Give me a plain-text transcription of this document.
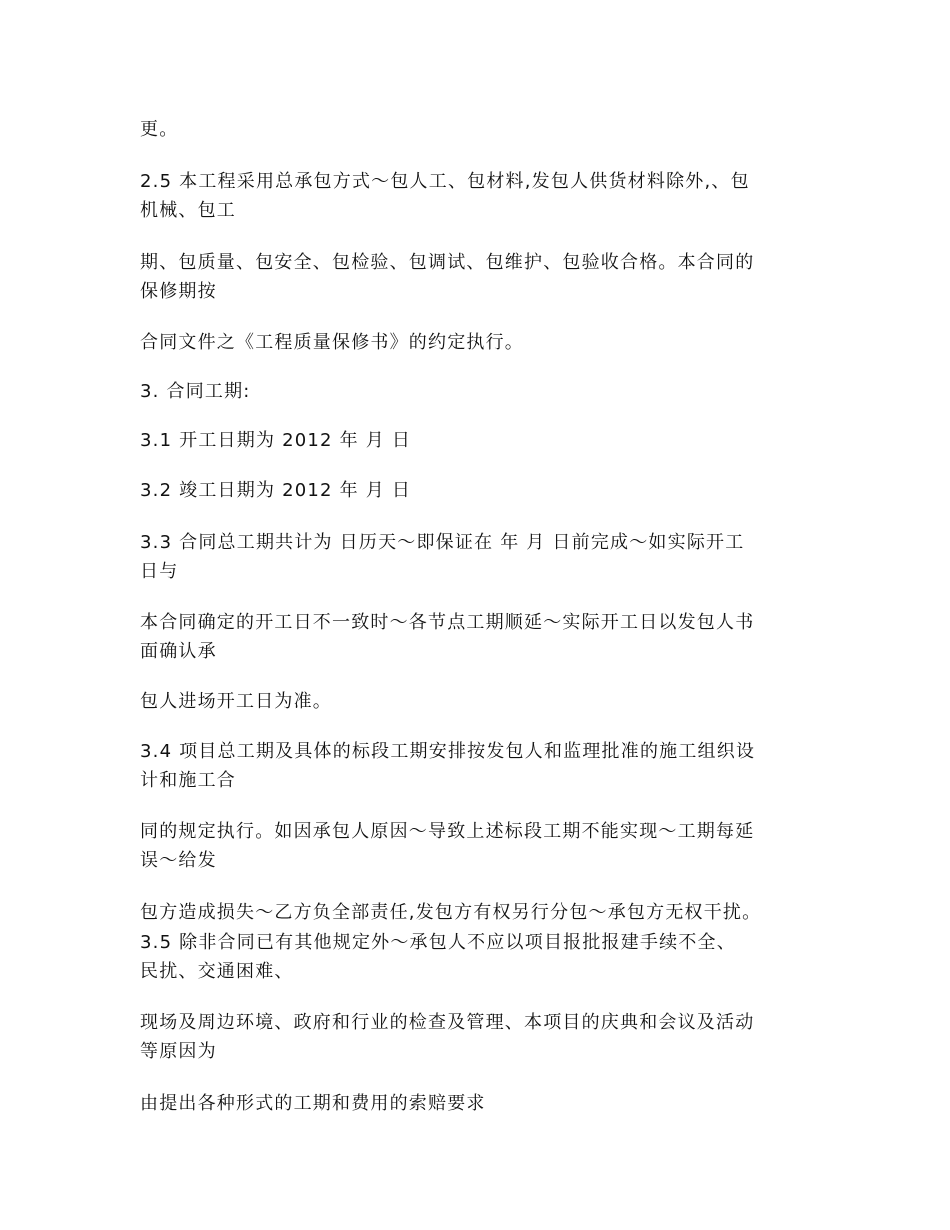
更。

2.5 本工程采用总承包方式～包人工、包材料,发包人供货材料除外,、包

机械、包工

期、包质量、包安全、包检验、包调试、包维护、包验收合格。本合同的

保修期按

合同文件之《工程质量保修书》的约定执行。

3. 合同工期:

3.1 开工日期为 2012 年 月 日

3.2 竣工日期为 2012 年 月 日

3.3 合同总工期共计为 日历天～即保证在 年 月 日前完成～如实际开工

日与

本合同确定的开工日不一致时～各节点工期顺延～实际开工日以发包人书

面确认承

包人进场开工日为准。

3.4 项目总工期及具体的标段工期安排按发包人和监理批准的施工组织设

计和施工合

同的规定执行。如因承包人原因～导致上述标段工期不能实现～工期每延

误～给发

包方造成损失～乙方负全部责任,发包方有权另行分包～承包方无权干扰。

3.5 除非合同已有其他规定外～承包人不应以项目报批报建手续不全、

民扰、交通困难、

现场及周边环境、政府和行业的检查及管理、本项目的庆典和会议及活动

等原因为

由提出各种形式的工期和费用的索赔要求
